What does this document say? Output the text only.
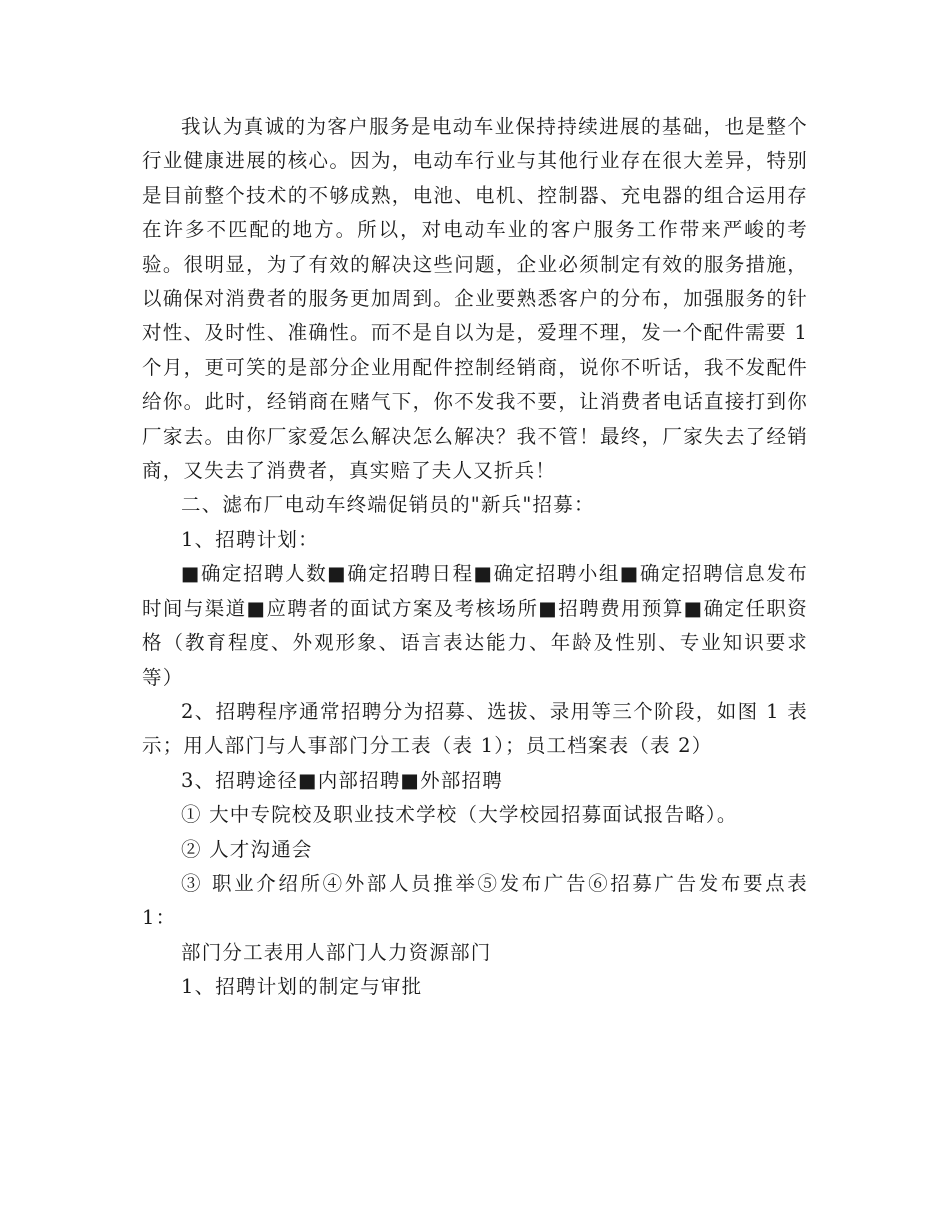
我认为真诚的为客户服务是电动车业保持持续进展的基础，也是整个行业健康进展的核心。因为，电动车行业与其他行业存在很大差异，特别是目前整个技术的不够成熟，电池、电机、控制器、充电器的组合运用存在许多不匹配的地方。所以，对电动车业的客户服务工作带来严峻的考验。很明显，为了有效的解决这些问题，企业必须制定有效的服务措施，以确保对消费者的服务更加周到。企业要熟悉客户的分布，加强服务的针对性、及时性、准确性。而不是自以为是，爱理不理，发一个配件需要 1 个月，更可笑的是部分企业用配件控制经销商，说你不听话，我不发配件给你。此时，经销商在赌气下，你不发我不要，让消费者电话直接打到你厂家去。由你厂家爱怎么解决怎么解决？我不管！最终，厂家失去了经销商，又失去了消费者，真实赔了夫人又折兵！

二、滤布厂电动车终端促销员的"新兵"招募：

1、招聘计划：

■确定招聘人数■确定招聘日程■确定招聘小组■确定招聘信息发布时间与渠道■应聘者的面试方案及考核场所■招聘费用预算■确定任职资格（教育程度、外观形象、语言表达能力、年龄及性别、专业知识要求等）

2、招聘程序通常招聘分为招募、选拔、录用等三个阶段，如图 1 表示；用人部门与人事部门分工表（表 1）；员工档案表（表 2）

3、招聘途径■内部招聘■外部招聘

① 大中专院校及职业技术学校（大学校园招募面试报告略）。

② 人才沟通会

③ 职业介绍所④外部人员推举⑤发布广告⑥招募广告发布要点表 1：

部门分工表用人部门人力资源部门

1、招聘计划的制定与审批
